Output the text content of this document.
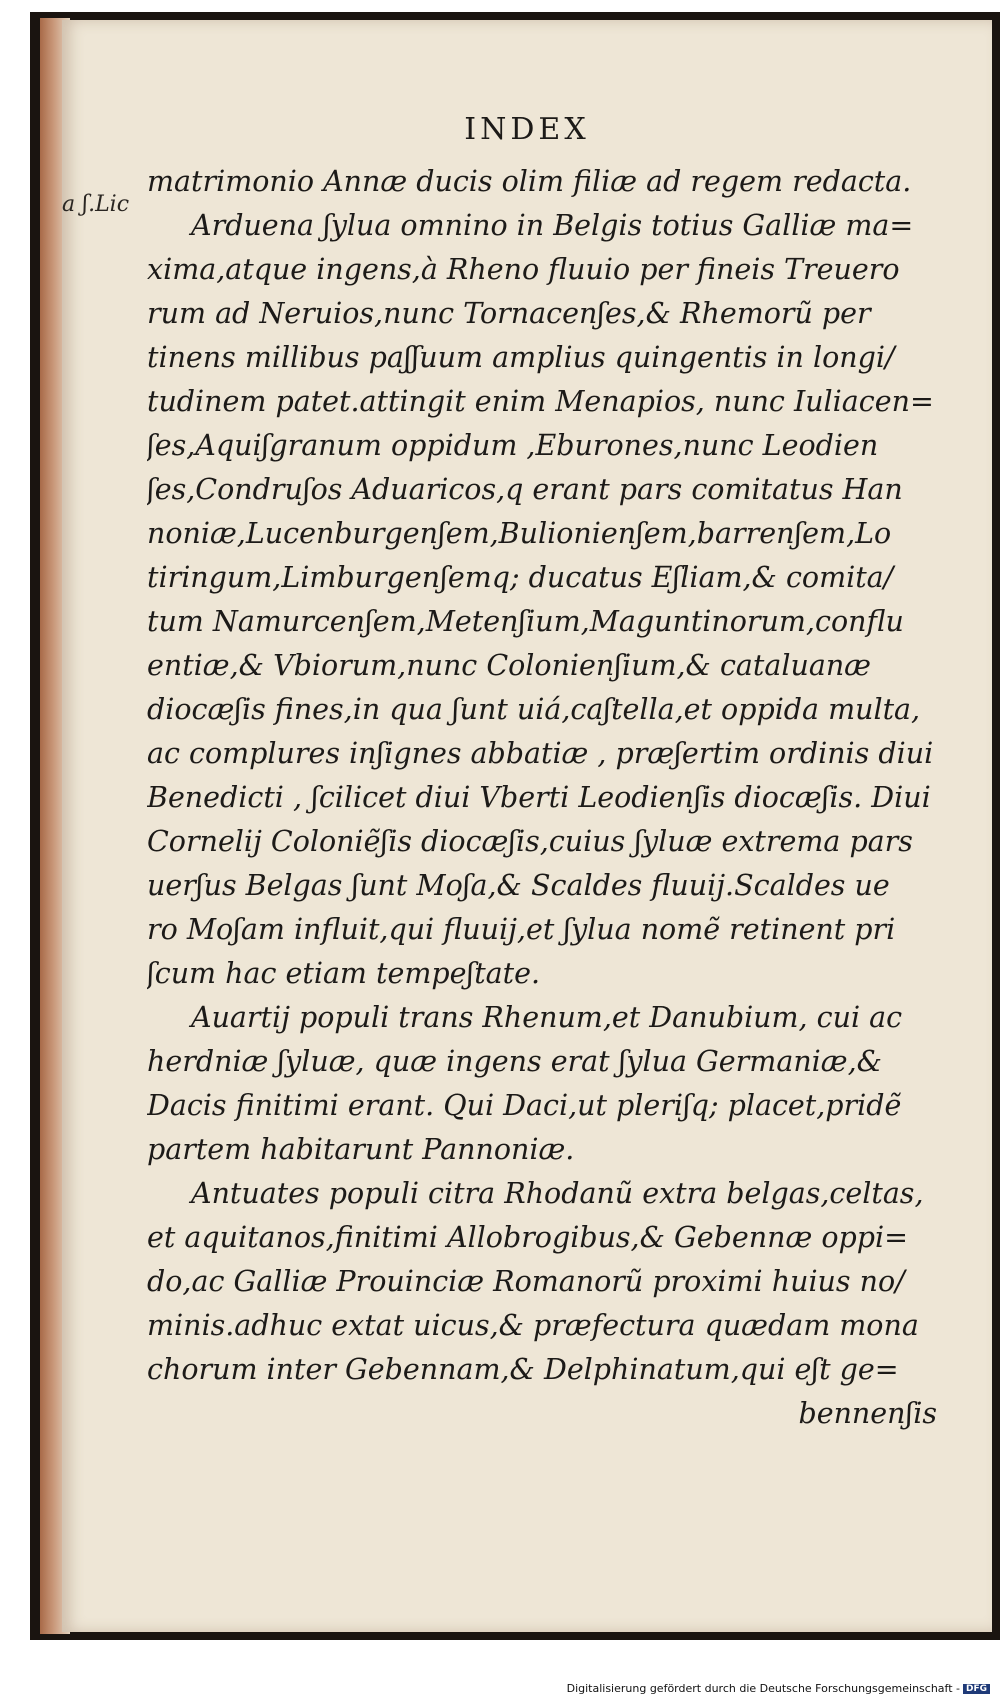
INDEX
a ʃ.Lic
matrimonio Annæ ducis olim filiæ ad regem redacta.
Arduena ʃylua omnino in Belgis totius Galliæ ma=
xima,atque ingens,à Rheno fluuio per fineis Treuero
rum ad Neruios,nunc Tornacenʃes,& Rhemorũ per
tinens millibus paʃʃuum amplius quingentis in longi/
tudinem patet.attingit enim Menapios, nunc Iuliacen=
ʃes,Aquiʃgranum oppidum ,Eburones,nunc Leodien
ʃes,Condruʃos Aduaricos,q erant pars comitatus Han
noniæ,Lucenburgenʃem,Bulionienʃem,barrenʃem,Lo
tiringum,Limburgenʃemq; ducatus Eʃliam,& comita/
tum Namurcenʃem,Metenʃium,Maguntinorum,conflu
entiæ,& Vbiorum,nunc Colonienʃium,& cataluanæ
diocæʃis fines,in qua ʃunt uiá,caʃtella,et oppida multa,
ac complures inʃignes abbatiæ , præʃertim ordinis diui
Benedicti , ʃcilicet diui Vberti Leodienʃis diocæʃis. Diui
Cornelij Coloniẽʃis diocæʃis,cuius ʃyluæ extrema pars
uerʃus Belgas ʃunt Moʃa,& Scaldes fluuij.Scaldes ue
ro Moʃam influit,qui fluuij,et ʃylua nomẽ retinent pri
ʃcum hac etiam tempeʃtate.
Auartij populi trans Rhenum,et Danubium, cui ac
herdniæ ʃyluæ, quæ ingens erat ʃylua Germaniæ,&
Dacis finitimi erant. Qui Daci,ut pleriʃq; placet,pridẽ
partem habitarunt Pannoniæ.
Antuates populi citra Rhodanũ extra belgas,celtas,
et aquitanos,finitimi Allobrogibus,& Gebennæ oppi=
do,ac Galliæ Prouinciæ Romanorũ proximi huius no/
minis.adhuc extat uicus,& præfectura quædam mona
chorum inter Gebennam,& Delphinatum,qui eʃt ge=
bennenʃis
Digitalisierung gefördert durch die Deutsche Forschungsgemeinschaft - DFG
